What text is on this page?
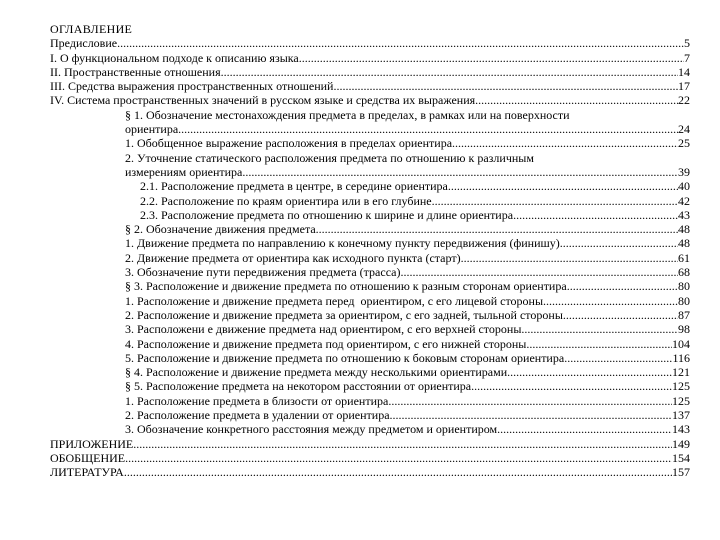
ОГЛАВЛЕНИЕ
Предисловие .....	5
I. О функциональном подходе к описанию языка .....	7
II. Пространственные отношения .....	14
III. Средства выражения пространственных отношений .....	17
IV. Система пространственных значений в русском языке и средства их выражения .....	22
§ 1. Обозначение местонахождения предмета в пределах, в рамках или на поверхности
ориентира .....	24
1. Обобщенное выражение расположения в пределах ориентира .....	25
2. Уточнение статического расположения предмета по отношению к различным
измерениям ориентира .....	39
2.1. Расположение предмета в центре, в середине ориентира .....	40
2.2. Расположение по краям ориентира или в его глубине .....	42
2.3. Расположение предмета по отношению к ширине и длине ориентира .....	43
§ 2. Обозначение движения предмета .....	48
1. Движение предмета по направлению к конечному пункту передвижения (финишу) .....	48
2. Движение предмета от ориентира как исходного пункта (старт) .....	61
3. Обозначение пути передвижения предмета (трасса) .....	68
§ 3. Расположение и движение предмета по отношению к разным сторонам ориентира .....	80
1. Расположение и движение предмета перед  ориентиром, с его лицевой стороны .....	80
2. Расположение и движение предмета за ориентиром, с его задней, тыльной стороны .....	87
3. Расположени е движение предмета над ориентиром, с его верхней стороны .....	98
4. Расположение и движение предмета под ориентиром, с его нижней стороны .....	104
5. Расположение и движение предмета по отношению к боковым сторонам ориентира .....	116
§ 4. Расположение и движение предмета между несколькими ориентирами .....	121
§ 5. Расположение предмета на некотором расстоянии от ориентира .....	125
1. Расположение предмета в близости от ориентира .....	125
2. Расположение предмета в удалении от ориентира .....	137
3. Обозначение конкретного расстояния между предметом и ориентиром .....	143
ПРИЛОЖЕНИЕ .....	149
ОБОБЩЕНИЕ .....	154
ЛИТЕРАТУРА .....	157
